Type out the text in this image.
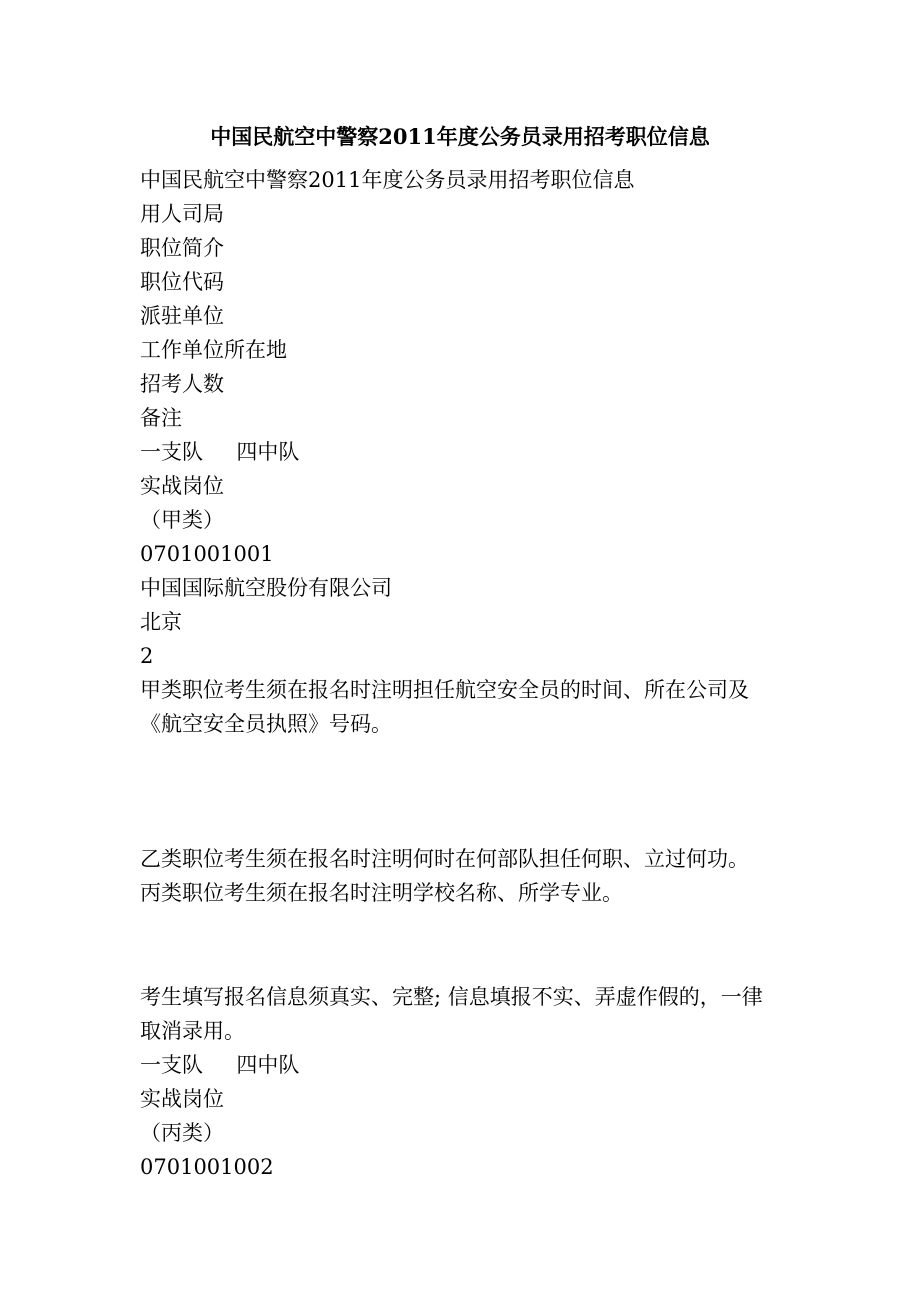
中国民航空中警察2011年度公务员录用招考职位信息

中国民航空中警察2011年度公务员录用招考职位信息

用人司局

职位简介

职位代码

派驻单位

工作单位所在地

招考人数

备注

一支队     四中队

实战岗位

（甲类）

0701001001

中国国际航空股份有限公司

北京

2

甲类职位考生须在报名时注明担任航空安全员的时间、所在公司及

《航空安全员执照》号码。

乙类职位考生须在报名时注明何时在何部队担任何职、立过何功。

丙类职位考生须在报名时注明学校名称、所学专业。

考生填写报名信息须真实、完整; 信息填报不实、弄虚作假的，一律

取消录用。

一支队     四中队

实战岗位

（丙类）

0701001002
